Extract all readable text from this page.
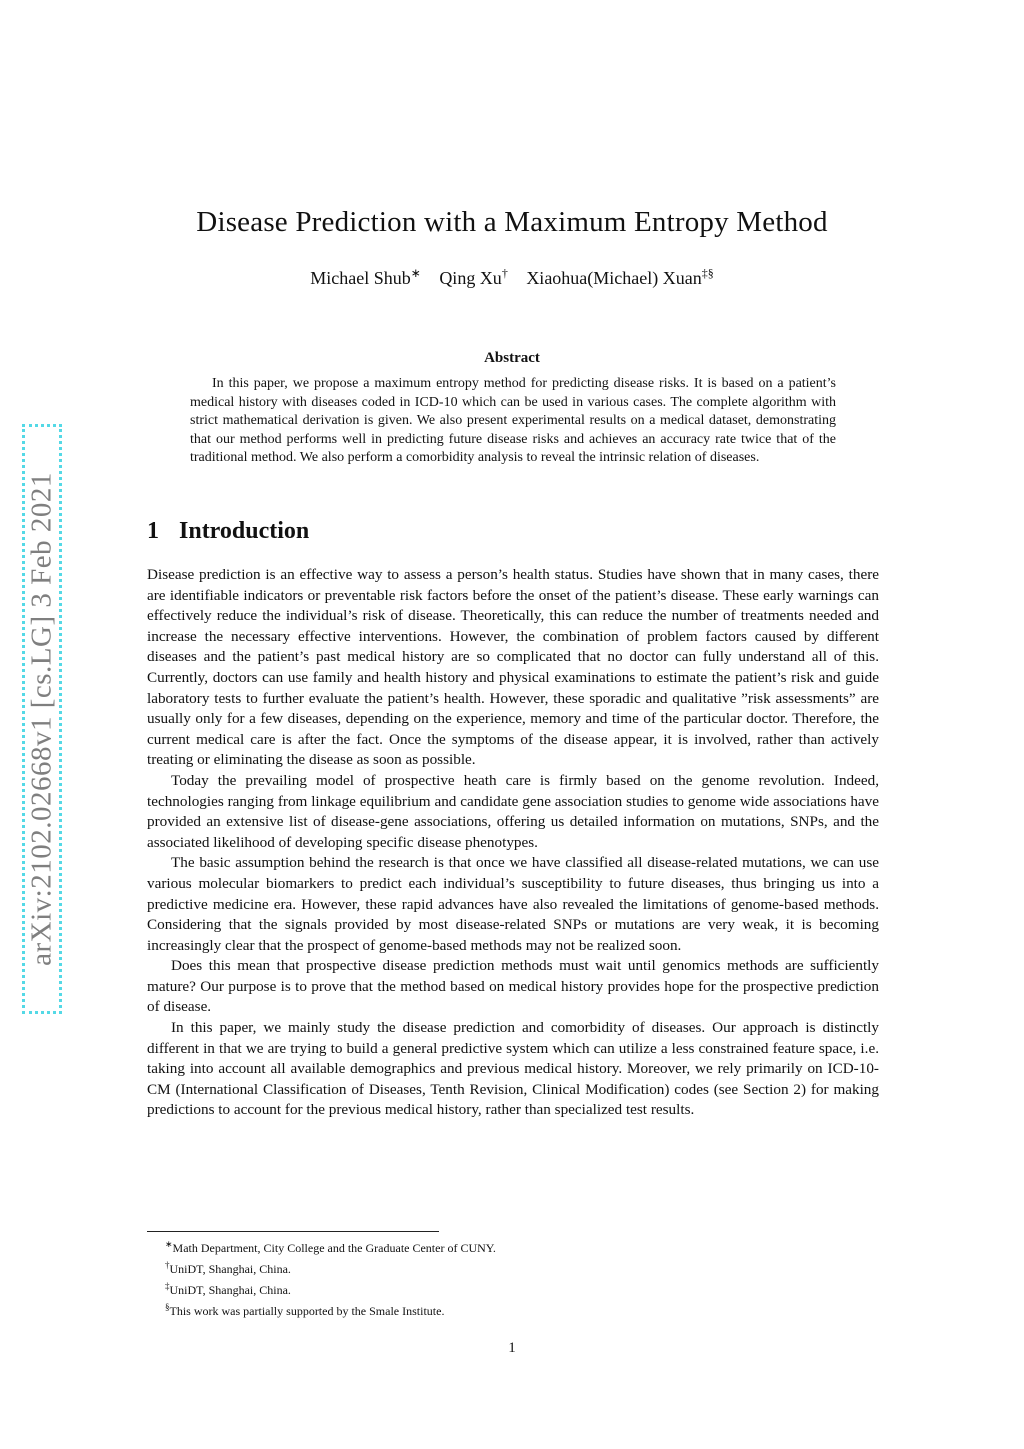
arXiv:2102.02668v1 [cs.LG] 3 Feb 2021
Disease Prediction with a Maximum Entropy Method
Michael Shub∗ Qing Xu† Xiaohua(Michael) Xuan‡§
Abstract
In this paper, we propose a maximum entropy method for predicting disease risks. It is based on a patient’s medical history with diseases coded in ICD-10 which can be used in various cases. The complete algorithm with strict mathematical derivation is given. We also present experimental results on a medical dataset, demonstrating that our method performs well in predicting future disease risks and achieves an accuracy rate twice that of the traditional method. We also perform a comorbidity analysis to reveal the intrinsic relation of diseases.
1 Introduction

Disease prediction is an effective way to assess a person’s health status. Studies have shown that in many cases, there are identifiable indicators or preventable risk factors before the onset of the patient’s disease. These early warnings can effectively reduce the individual’s risk of disease. Theoretically, this can reduce the number of treatments needed and increase the necessary effective interventions. However, the combination of problem factors caused by different diseases and the patient’s past medical history are so complicated that no doctor can fully understand all of this. Currently, doctors can use family and health history and physical examinations to estimate the patient’s risk and guide laboratory tests to further evaluate the patient’s health. However, these sporadic and qualitative ”risk assessments” are usually only for a few diseases, depending on the experience, memory and time of the particular doctor. Therefore, the current medical care is after the fact. Once the symptoms of the disease appear, it is involved, rather than actively treating or eliminating the disease as soon as possible.

Today the prevailing model of prospective heath care is firmly based on the genome revolution. Indeed, technologies ranging from linkage equilibrium and candidate gene association studies to genome wide associations have provided an extensive list of disease-gene associations, offering us detailed information on mutations, SNPs, and the associated likelihood of developing specific disease phenotypes.

The basic assumption behind the research is that once we have classified all disease-related mutations, we can use various molecular biomarkers to predict each individual’s susceptibility to future diseases, thus bringing us into a predictive medicine era. However, these rapid advances have also revealed the limitations of genome-based methods. Considering that the signals provided by most disease-related SNPs or mutations are very weak, it is becoming increasingly clear that the prospect of genome-based methods may not be realized soon.

Does this mean that prospective disease prediction methods must wait until genomics methods are sufficiently mature? Our purpose is to prove that the method based on medical history provides hope for the prospective prediction of disease.

In this paper, we mainly study the disease prediction and comorbidity of diseases. Our approach is distinctly different in that we are trying to build a general predictive system which can utilize a less constrained feature space, i.e. taking into account all available demographics and previous medical history. Moreover, we rely primarily on ICD-10-CM (International Classification of Diseases, Tenth Revision, Clinical Modification) codes (see Section 2) for making predictions to account for the previous medical history, rather than specialized test results.

∗Math Department, City College and the Graduate Center of CUNY.
†UniDT, Shanghai, China.
‡UniDT, Shanghai, China.
§This work was partially supported by the Smale Institute.
1
